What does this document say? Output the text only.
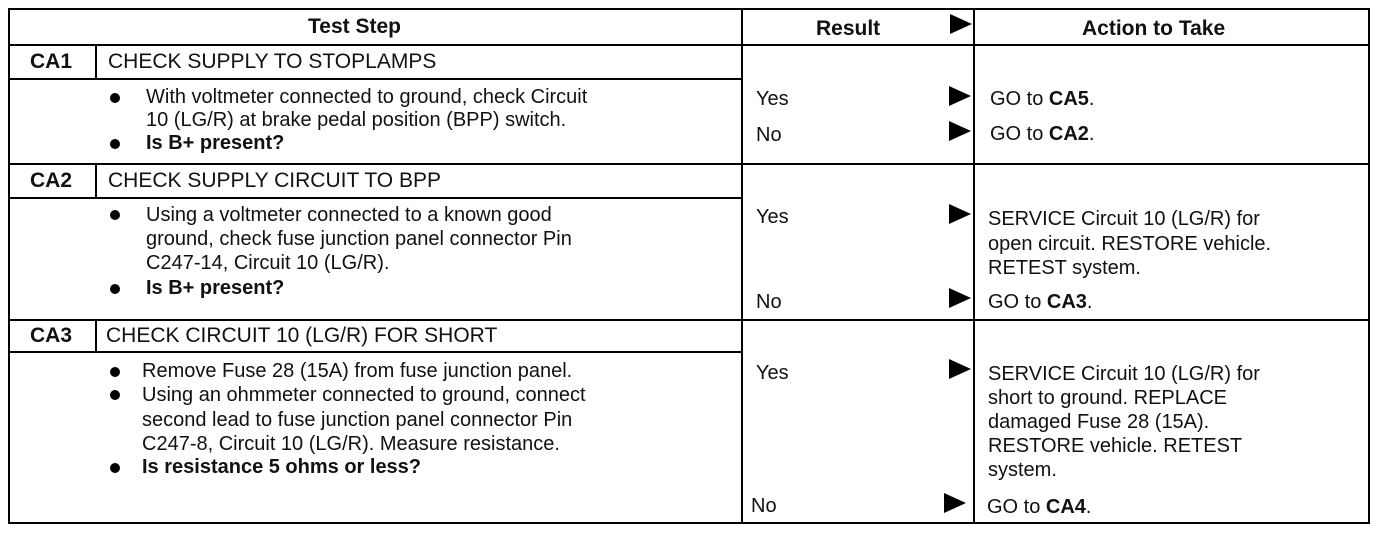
Test Step	Result	Action to Take
CA1 CHECK SUPPLY TO STOPLAMPS
With voltmeter connected to ground, check Circuit
10 (LG/R) at brake pedal position (BPP) switch.
Is B+ present?
Yes	GO to CA5.
No	GO to CA2.
CA2 CHECK SUPPLY CIRCUIT TO BPP
Using a voltmeter connected to a known good
ground, check fuse junction panel connector Pin
C247-14, Circuit 10 (LG/R).
Is B+ present?
Yes	SERVICE Circuit 10 (LG/R) for
open circuit. RESTORE vehicle.
RETEST system.
No	GO to CA3.
CA3 CHECK CIRCUIT 10 (LG/R) FOR SHORT
Remove Fuse 28 (15A) from fuse junction panel.
Using an ohmmeter connected to ground, connect
second lead to fuse junction panel connector Pin
C247-8, Circuit 10 (LG/R). Measure resistance.
Is resistance 5 ohms or less?
Yes	SERVICE Circuit 10 (LG/R) for
short to ground. REPLACE
damaged Fuse 28 (15A).
RESTORE vehicle. RETEST
system.
No	GO to CA4.
